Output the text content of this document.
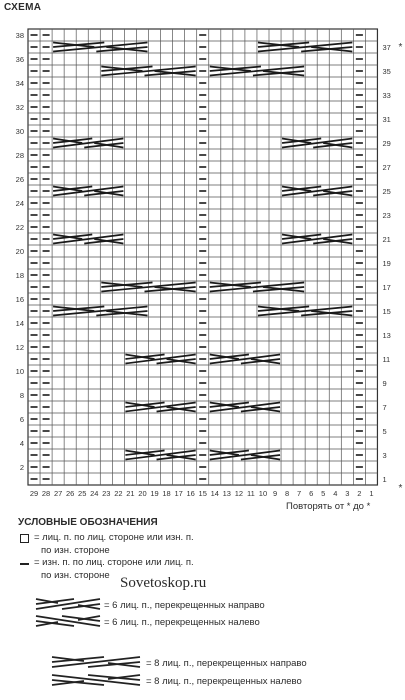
2
4
6
8
10
12
14
16
18
20
22
24
26
28
30
32
34
36
38
1
3
5
7
9
11
13
15
17
19
21
23
25
27
29
31
33
35
37
29 28 27 26 25 24 23 22 21 20 19 18 17 16 15 14 13 12 11 10 9 8 7 6 5 4 3 2 1
*
*
СХЕМА
Повторять от * до *
УСЛОВНЫЕ ОБОЗНАЧЕНИЯ
= лиц. п. по лиц. стороне или изн. п.
по изн. стороне
= изн. п. по лиц. стороне или лиц. п.
по изн. стороне Sovetoskop.ru
= 6 лиц. п., перекрещенных направо
= 6 лиц. п., перекрещенных налево
= 8 лиц. п., перекрещенных направо
= 8 лиц. п., перекрещенных налево
